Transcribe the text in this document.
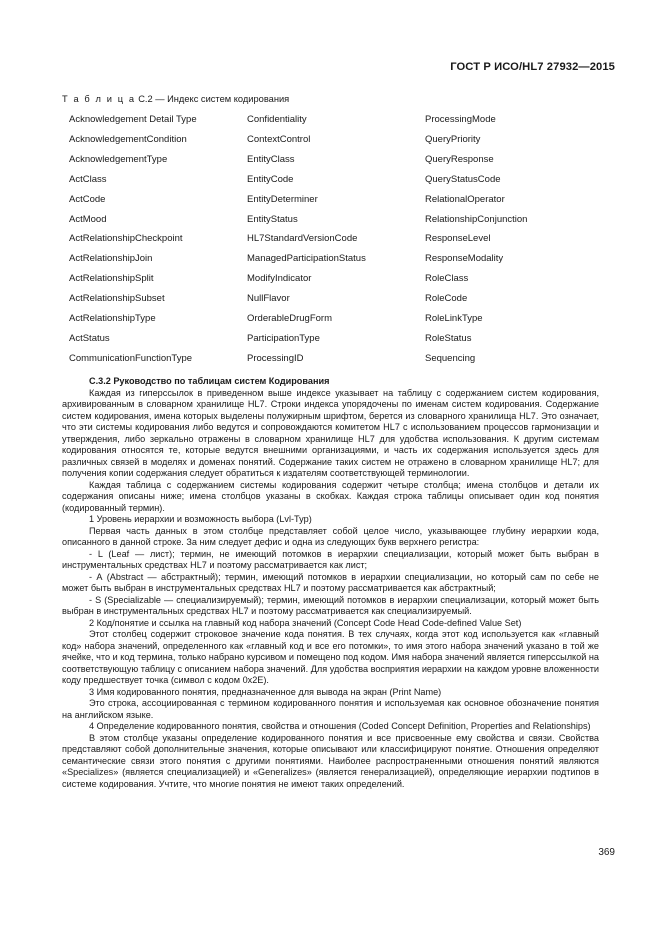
ГОСТ Р ИСО/HL7 27932—2015
Т а б л и ц а С.2 — Индекс систем кодирования
Acknowledgement Detail Type	Confidentiality	ProcessingMode
AcknowledgementCondition	ContextControl	QueryPriority
AcknowledgementType	EntityClass	QueryResponse
ActClass	EntityCode	QueryStatusCode
ActCode	EntityDeterminer	RelationalOperator
ActMood	EntityStatus	RelationshipConjunction
ActRelationshipCheckpoint	HL7StandardVersionCode	ResponseLevel
ActRelationshipJoin	ManagedParticipationStatus	ResponseModality
ActRelationshipSplit	ModifyIndicator	RoleClass
ActRelationshipSubset	NullFlavor	RoleCode
ActRelationshipType	OrderableDrugForm	RoleLinkType
ActStatus	ParticipationType	RoleStatus
CommunicationFunctionType	ProcessingID	Sequencing

С.3.2 Руководство по таблицам систем Кодирования

Каждая из гиперссылок в приведенном выше индексе указывает на таблицу с содержанием систем кодирования, архивированным в словарном хранилище HL7. Строки индекса упорядочены по именам систем кодирования. Содержание систем кодирования, имена которых выделены полужирным шрифтом, берется из словарного хранилища HL7. Это означает, что эти системы кодирования либо ведутся и сопровождаются комитетом HL7 с использованием процессов гармонизации и утверждения, либо зеркально отражены в словарном хранилище HL7 для удобства использования. К другим системам кодирования относятся те, которые ведутся внешними организациями, и часть их содержания используется здесь для различных связей в моделях и доменах понятий. Содержание таких систем не отражено в словарном хранилище HL7; для получения копии содержания следует обратиться к издателям соответствующей терминологии.

Каждая таблица с содержанием системы кодирования содержит четыре столбца; имена столбцов и детали их содержания описаны ниже; имена столбцов указаны в скобках. Каждая строка таблицы описывает один код понятия (кодированный термин).

1 Уровень иерархии и возможность выбора (Lvl-Typ)

Первая часть данных в этом столбце представляет собой целое число, указывающее глубину иерархии кода, описанного в данной строке. За ним следует дефис и одна из следующих букв верхнего регистра:

- L (Leaf — лист); термин, не имеющий потомков в иерархии специализации, который может быть выбран в инструментальных средствах HL7 и поэтому рассматривается как лист;

- А (Abstract — абстрактный); термин, имеющий потомков в иерархии специализации, но который сам по себе не может быть выбран в инструментальных средствах HL7 и поэтому рассматривается как абстрактный;

- S (Specializable — специализируемый); термин, имеющий потомков в иерархии специализации, который может быть выбран в инструментальных средствах HL7 и поэтому рассматривается как специализируемый.

2 Код/понятие и ссылка на главный код набора значений (Concept Code Head Code-defined Value Set)

Этот столбец содержит строковое значение кода понятия. В тех случаях, когда этот код используется как «главный код» набора значений, определенного как «главный код и все его потомки», то имя этого набора значений указано в той же ячейке, что и код термина, только набрано курсивом и помещено под кодом. Имя набора значений является гиперссылкой на соответствующую таблицу с описанием набора значений. Для удобства восприятия иерархии на каждом уровне вложенности коду предшествует точка (символ с кодом 0x2E).

3 Имя кодированного понятия, предназначенное для вывода на экран (Print Name)

Это строка, ассоциированная с термином кодированного понятия и используемая как основное обозначение понятия на английском языке.

4 Определение кодированного понятия, свойства и отношения (Coded Concept Definition, Properties and Relationships)

В этом столбце указаны определение кодированного понятия и все присвоенные ему свойства и связи. Свойства представляют собой дополнительные значения, которые описывают или классифицируют понятие. Отношения определяют семантические связи этого понятия с другими понятиями. Наиболее распространенными отношения понятий являются «Specializes» (является специализацией) и «Generalizes» (является генерализацией), определяющие иерархии подтипов в системе кодирования. Учтите, что многие понятия не имеют таких определений.

369
